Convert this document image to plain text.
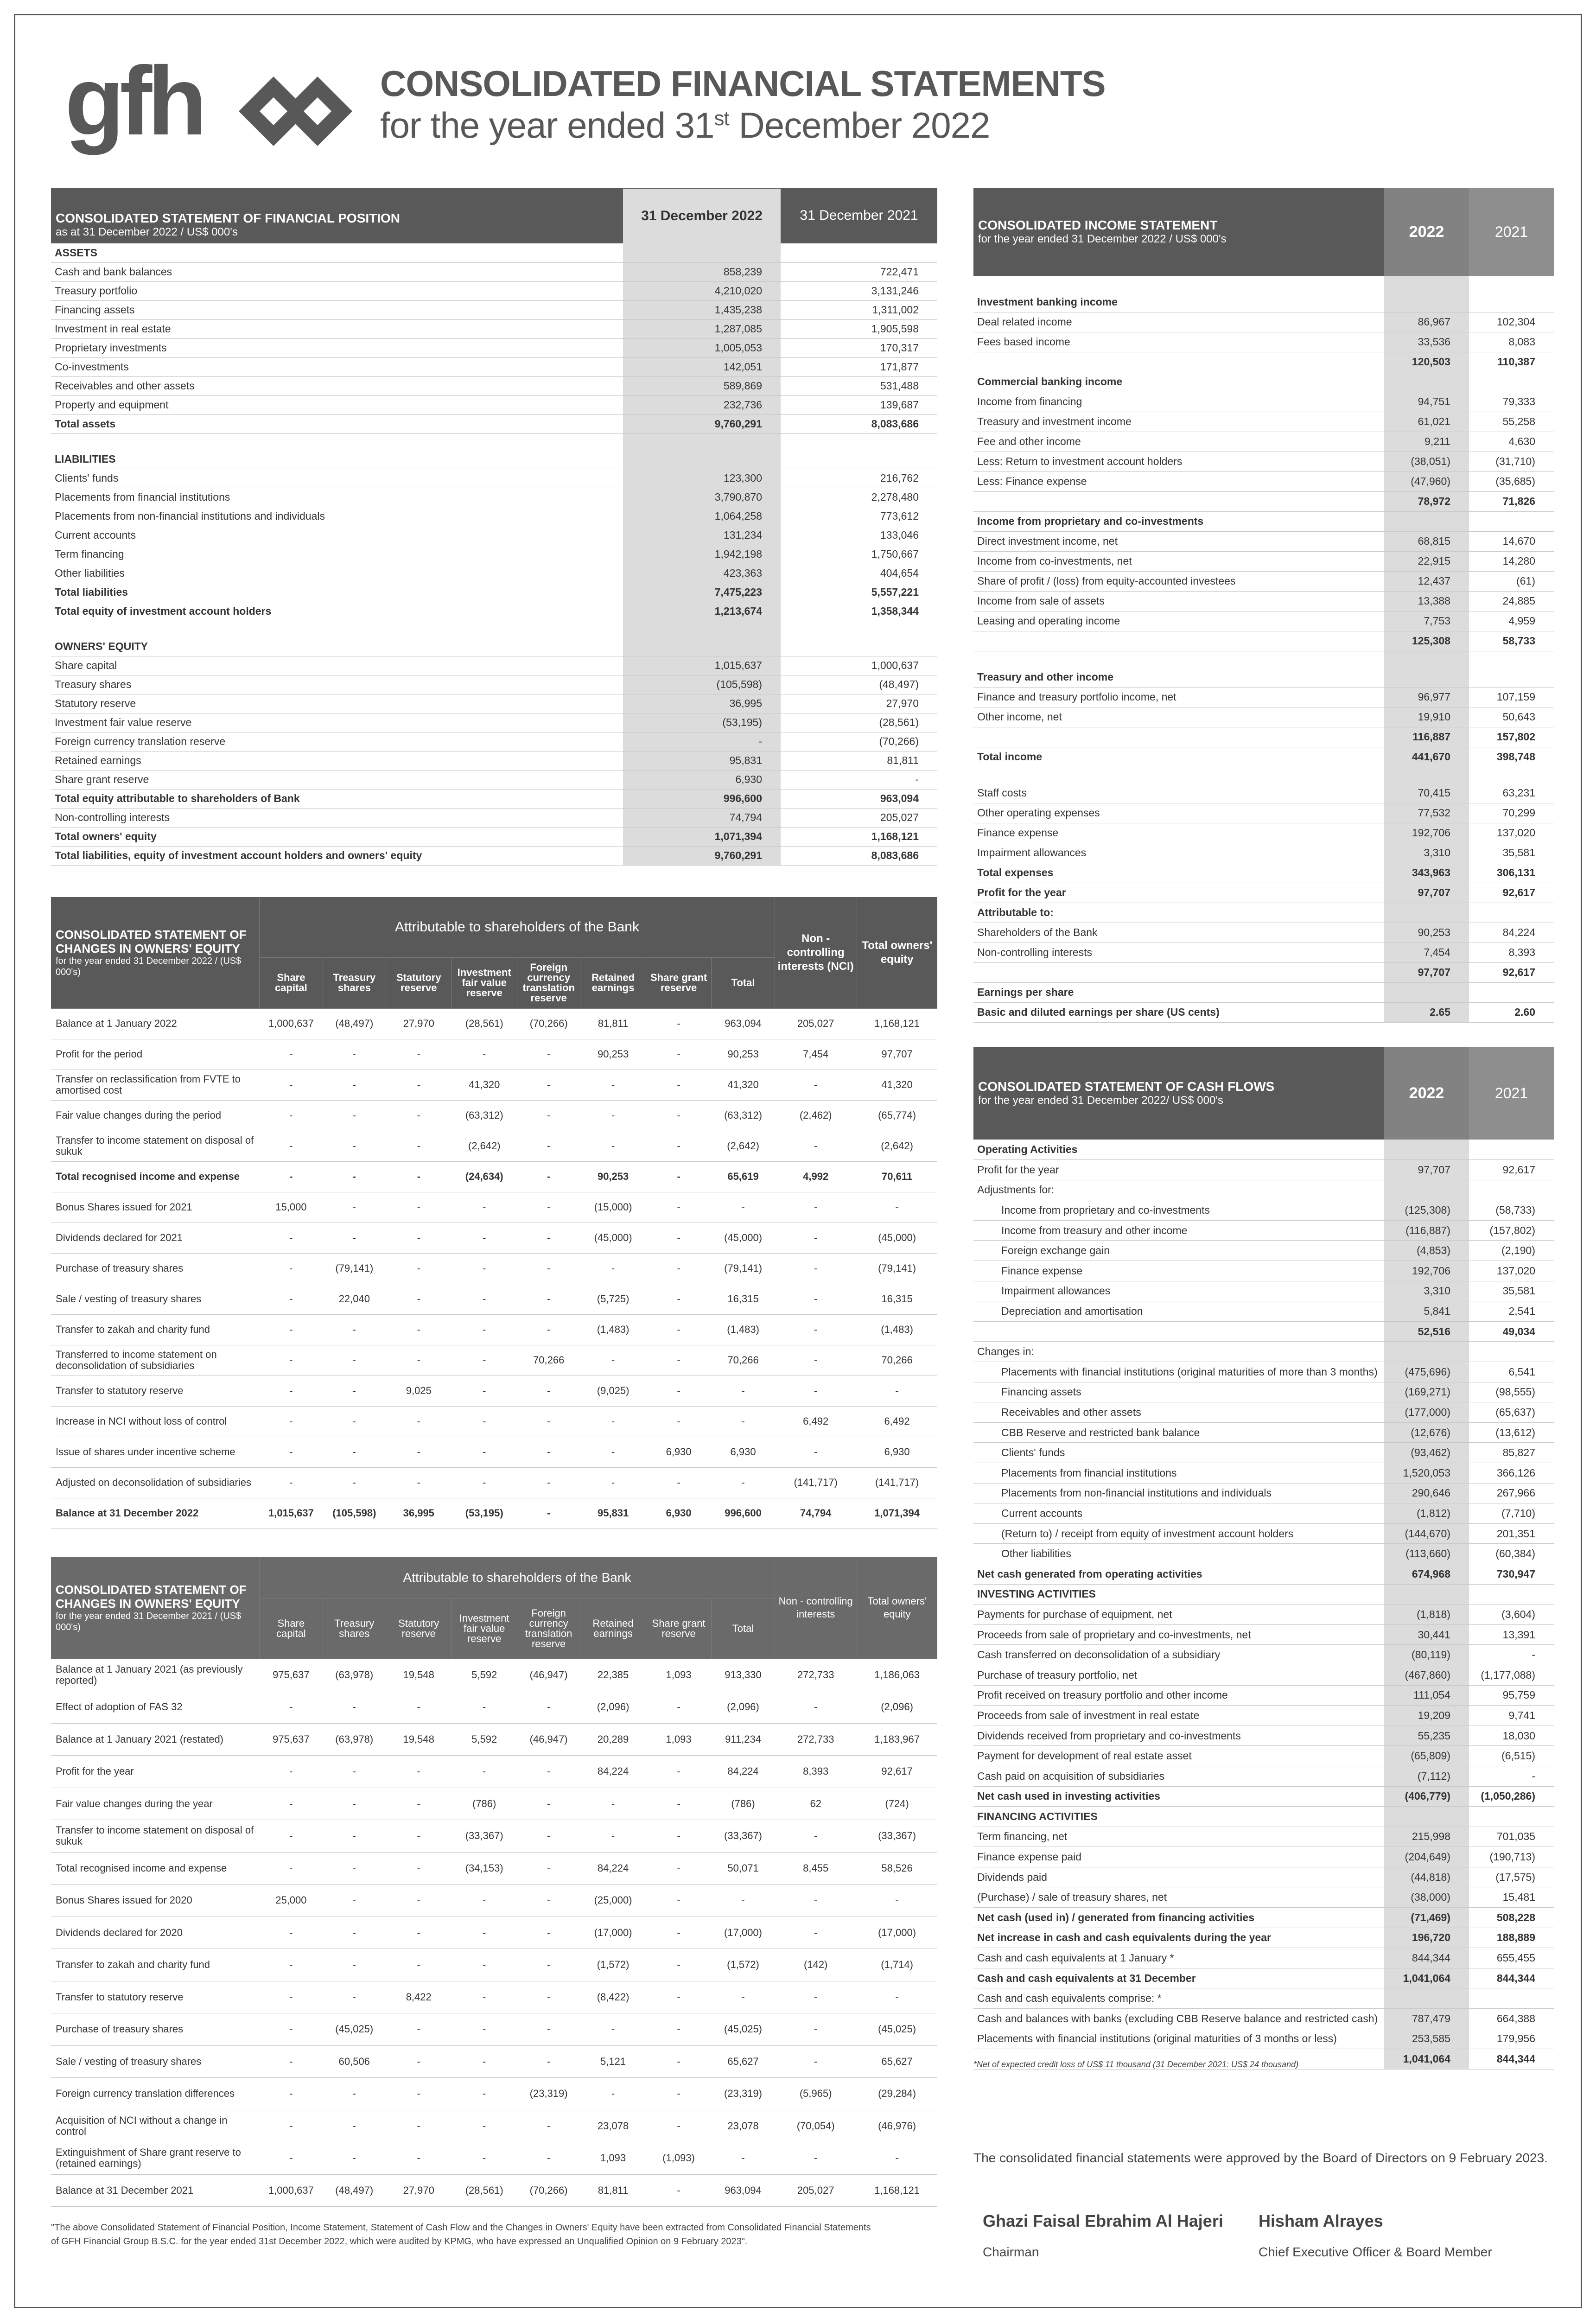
gfh	CONSOLIDATED FINANCIAL STATEMENTS
for the year ended 31st December 2022
CONSOLIDATED STATEMENT OF FINANCIAL POSITION
as at 31 December 2022 / US$ 000's
31 December 2022	31 December 2021
ASSETS		
Cash and bank balances	858,239	722,471
Treasury portfolio	4,210,020	3,131,246
Financing assets	1,435,238	1,311,002
Investment in real estate	1,287,085	1,905,598
Proprietary investments	1,005,053	170,317
Co-investments	142,051	171,877
Receivables and other assets	589,869	531,488
Property and equipment	232,736	139,687
Total assets	9,760,291	8,083,686

LIABILITIES		
Clients' funds	123,300	216,762
Placements from financial institutions	3,790,870	2,278,480
Placements from non-financial institutions and individuals	1,064,258	773,612
Current accounts	131,234	133,046
Term financing	1,942,198	1,750,667
Other liabilities	423,363	404,654
Total liabilities	7,475,223	5,557,221
Total equity of investment account holders	1,213,674	1,358,344

OWNERS' EQUITY		
Share capital	1,015,637	1,000,637
Treasury shares	(105,598)	(48,497)
Statutory reserve	36,995	27,970
Investment fair value reserve	(53,195)	(28,561)
Foreign currency translation reserve	-	(70,266)
Retained earnings	95,831	81,811
Share grant reserve	6,930	-
Total equity attributable to shareholders of Bank	996,600	963,094
Non-controlling interests	74,794	205,027
Total owners' equity	1,071,394	1,168,121
Total liabilities, equity of investment account holders and owners' equity	9,760,291	8,083,686
CONSOLIDATED INCOME STATEMENT
for the year ended 31 December 2022 / US$ 000's	2022	2021

Investment banking income		
Deal related income	86,967	102,304
Fees based income	33,536	8,083
	120,503	110,387
Commercial banking income		
Income from financing	94,751	79,333
Treasury and investment income	61,021	55,258
Fee and other income	9,211	4,630
Less: Return to investment account holders	(38,051)	(31,710)
Less: Finance expense	(47,960)	(35,685)
	78,972	71,826
Income from proprietary and co-investments		
Direct investment income, net	68,815	14,670
Income from co-investments, net	22,915	14,280
Share of profit / (loss) from equity-accounted investees	12,437	(61)
Income from sale of assets	13,388	24,885
Leasing and operating income	7,753	4,959
	125,308	58,733

Treasury and other income		
Finance and treasury portfolio income, net	96,977	107,159
Other income, net	19,910	50,643
	116,887	157,802
Total income	441,670	398,748

Staff costs	70,415	63,231
Other operating expenses	77,532	70,299
Finance expense	192,706	137,020
Impairment allowances	3,310	35,581
Total expenses	343,963	306,131
Profit for the year	97,707	92,617
Attributable to:		
Shareholders of the Bank	90,253	84,224
Non-controlling interests	7,454	8,393
	97,707	92,617
Earnings per share		
Basic and diluted earnings per share (US cents)	2.65	2.60
CONSOLIDATED STATEMENT OF CASH FLOWS
for the year ended 31 December 2022/ US$ 000's	2022	2021
Operating Activities		
Profit for the year	97,707	92,617
Adjustments for:		
Income from proprietary and co-investments	(125,308)	(58,733)
Income from treasury and other income	(116,887)	(157,802)
Foreign exchange gain	(4,853)	(2,190)
Finance expense	192,706	137,020
Impairment allowances	3,310	35,581
Depreciation and amortisation	5,841	2,541
	52,516	49,034
Changes in:		
Placements with financial institutions (original maturities of more than 3 months)	(475,696)	6,541
Financing assets	(169,271)	(98,555)
Receivables and other assets	(177,000)	(65,637)
CBB Reserve and restricted bank balance	(12,676)	(13,612)
Clients' funds	(93,462)	85,827
Placements from financial institutions	1,520,053	366,126
Placements from non-financial institutions and individuals	290,646	267,966
Current accounts	(1,812)	(7,710)
(Return to) / receipt from equity of investment account holders	(144,670)	201,351
Other liabilities	(113,660)	(60,384)
Net cash generated from operating activities	674,968	730,947
INVESTING ACTIVITIES		
Payments for purchase of equipment, net	(1,818)	(3,604)
Proceeds from sale of proprietary and co-investments, net	30,441	13,391
Cash transferred on deconsolidation of a subsidiary	(80,119)	-
Purchase of treasury portfolio, net	(467,860)	(1,177,088)
Profit received on treasury portfolio and other income	111,054	95,759
Proceeds from sale of investment in real estate	19,209	9,741
Dividends received from proprietary and co-investments	55,235	18,030
Payment for development of real estate asset	(65,809)	(6,515)
Cash paid on acquisition of subsidiaries	(7,112)	-
Net cash used in investing activities	(406,779)	(1,050,286)
FINANCING ACTIVITIES		
Term financing, net	215,998	701,035
Finance expense paid	(204,649)	(190,713)
Dividends paid	(44,818)	(17,575)
(Purchase) / sale of treasury shares, net	(38,000)	15,481
Net cash (used in) / generated from financing activities	(71,469)	508,228
Net increase in cash and cash equivalents during the year	196,720	188,889
Cash and cash equivalents at 1 January *	844,344	655,455
Cash and cash equivalents at 31 December	1,041,064	844,344
Cash and cash equivalents comprise: *		
Cash and balances with banks (excluding CBB Reserve balance and restricted cash)	787,479	664,388
Placements with financial institutions (original maturities of 3 months or less)	253,585	179,956
	1,041,064	844,344
*Net of expected credit loss of US$ 11 thousand (31 December 2021: US$ 24 thousand)
CONSOLIDATED STATEMENT OF CHANGES IN OWNERS' EQUITY
for the year ended 31 December 2022 / (US$ 000's)	Attributable to shareholders of the Bank								Non - controlling interests (NCI)	Total owners' equity
	Share capital	Treasury shares	Statutory reserve	Investment fair value reserve	Foreign currency translation reserve	Retained earnings	Share grant reserve	Total		
Balance at 1 January 2022	1,000,637	(48,497)	27,970	(28,561)	(70,266)	81,811	-	963,094	205,027	1,168,121
Profit for the period	-	-	-	-	-	90,253	-	90,253	7,454	97,707
Transfer on reclassification from FVTE to amortised cost	-	-	-	41,320	-	-	-	41,320	-	41,320
Fair value changes during the period	-	-	-	(63,312)	-	-	-	(63,312)	(2,462)	(65,774)
Transfer to income statement on disposal of sukuk	-	-	-	(2,642)	-	-	-	(2,642)	-	(2,642)
Total recognised income and expense	-	-	-	(24,634)	-	90,253	-	65,619	4,992	70,611
Bonus Shares issued for 2021	15,000	-	-	-	-	(15,000)	-	-	-	-
Dividends declared for 2021	-	-	-	-	-	(45,000)	-	(45,000)	-	(45,000)
Purchase of treasury shares	-	(79,141)	-	-	-	-	-	(79,141)	-	(79,141)
Sale / vesting of treasury shares	-	22,040	-	-	-	(5,725)	-	16,315	-	16,315
Transfer to zakah and charity fund	-	-	-	-	-	(1,483)	-	(1,483)	-	(1,483)
Transferred to income statement on deconsolidation of subsidiaries	-	-	-	-	70,266	-	-	70,266	-	70,266
Transfer to statutory reserve	-	-	9,025	-	-	(9,025)	-	-	-	-
Increase in NCI without loss of control	-	-	-	-	-	-	-	-	6,492	6,492
Issue of shares under incentive scheme	-	-	-	-	-	-	6,930	6,930	-	6,930
Adjusted on deconsolidation of subsidiaries	-	-	-	-	-	-	-	-	(141,717)	(141,717)
Balance at 31 December 2022	1,015,637	(105,598)	36,995	(53,195)	-	95,831	6,930	996,600	74,794	1,071,394
CONSOLIDATED STATEMENT OF CHANGES IN OWNERS' EQUITY
for the year ended 31 December 2021 / (US$ 000's)	Attributable to shareholders of the Bank								Non - controlling interests	Total owners' equity
	Share capital	Treasury shares	Statutory reserve	Investment fair value reserve	Foreign currency translation reserve	Retained earnings	Share grant reserve	Total		
Balance at 1 January 2021 (as previously reported)	975,637	(63,978)	19,548	5,592	(46,947)	22,385	1,093	913,330	272,733	1,186,063
Effect of adoption of FAS 32	-	-	-	-	-	(2,096)	-	(2,096)	-	(2,096)
Balance at 1 January 2021 (restated)	975,637	(63,978)	19,548	5,592	(46,947)	20,289	1,093	911,234	272,733	1,183,967
Profit for the year	-	-	-	-	-	84,224	-	84,224	8,393	92,617
Fair value changes during the year	-	-	-	(786)	-	-	-	(786)	62	(724)
Transfer to income statement on disposal of sukuk	-	-	-	(33,367)	-	-	-	(33,367)	-	(33,367)
Total recognised income and expense	-	-	-	(34,153)	-	84,224	-	50,071	8,455	58,526
Bonus Shares issued for 2020	25,000	-	-	-	-	(25,000)	-	-	-	-
Dividends declared for 2020	-	-	-	-	-	(17,000)	-	(17,000)	-	(17,000)
Transfer to zakah and charity fund	-	-	-	-	-	(1,572)	-	(1,572)	(142)	(1,714)
Transfer to statutory reserve	-	-	8,422	-	-	(8,422)	-	-	-	-
Purchase of treasury shares	-	(45,025)	-	-	-	-	-	(45,025)	-	(45,025)
Sale / vesting of treasury shares	-	60,506	-	-	-	5,121	-	65,627	-	65,627
Foreign currency translation differences	-	-	-	-	(23,319)	-	-	(23,319)	(5,965)	(29,284)
Acquisition of NCI without a change in control	-	-	-	-	-	23,078	-	23,078	(70,054)	(46,976)
Extinguishment of Share grant reserve to (retained earnings)	-	-	-	-	-	1,093	(1,093)	-	-	-
Balance at 31 December 2021	1,000,637	(48,497)	27,970	(28,561)	(70,266)	81,811	-	963,094	205,027	1,168,121
"The above Consolidated Statement of Financial Position, Income Statement, Statement of Cash Flow and the Changes in Owners' Equity have been extracted from Consolidated Financial Statements
of GFH Financial Group B.S.C. for the year ended 31st December 2022, which were audited by KPMG, who have expressed an Unqualified Opinion on 9 February 2023".
The consolidated financial statements were approved by the Board of Directors on 9 February 2023.
Ghazi Faisal Ebrahim Al Hajeri
Chairman
Hisham Alrayes
Chief Executive Officer & Board Member
